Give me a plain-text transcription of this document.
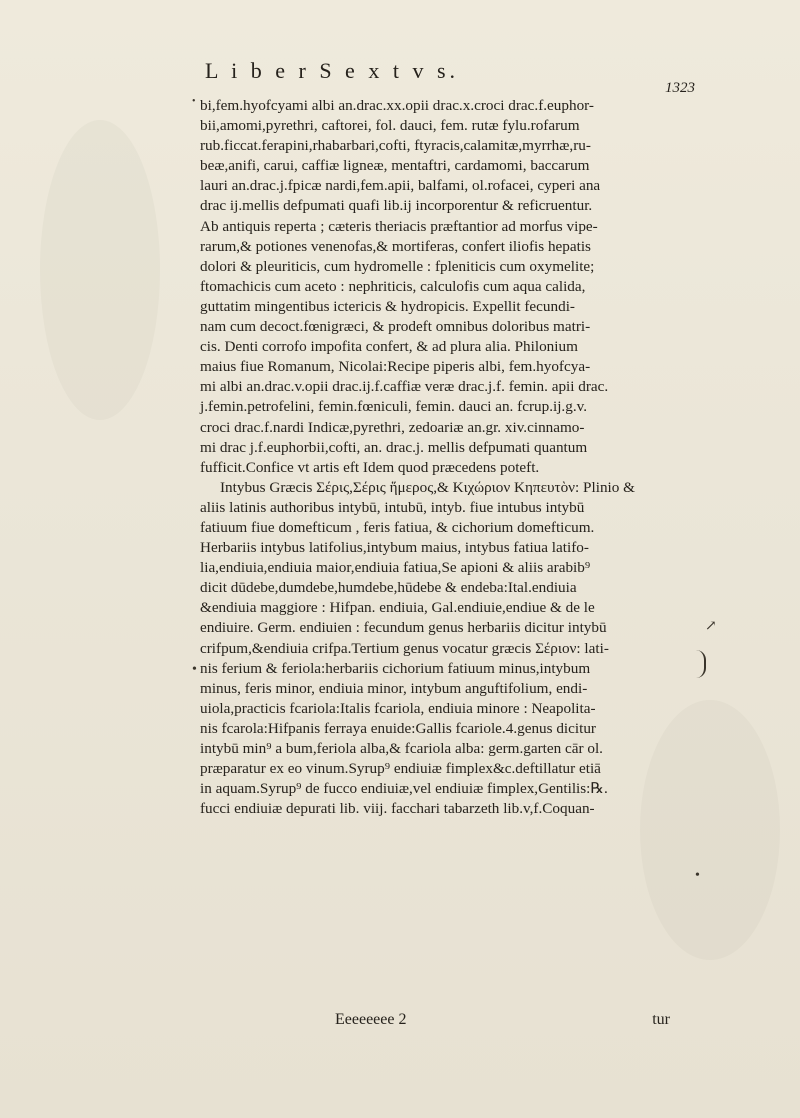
L i b e r S e x t v s.
1323
bi,fem.hyofcyami albi an.drac.xx.opii drac.x.croci drac.f.euphor-
bii,amomi,pyrethri, caftorei, fol. dauci, fem. rutæ fylu.rofarum
rub.ficcat.ferapini,rhabarbari,cofti, ftyracis,calamitæ,myrrhæ,ru-
beæ,anifi, carui, caffiæ ligneæ, mentaftri, cardamomi, baccarum
lauri an.drac.j.fpicæ nardi,fem.apii, balfami, ol.rofacei, cyperi ana
drac ij.mellis defpumati quafi lib.ij incorporentur & reficruentur.
Ab antiquis reperta ; cæteris theriacis præftantior ad morfus vipe-
rarum,& potiones venenofas,& mortiferas, confert iliofis hepatis
dolori & pleuriticis, cum hydromelle : fpleniticis cum oxymelite;
ftomachicis cum aceto : nephriticis, calculofis cum aqua calida,
guttatim mingentibus ictericis & hydropicis. Expellit fecundi-
nam cum decoct.fœnigræci, & prodeft omnibus doloribus matri-
cis. Denti corrofo impofita confert, & ad plura alia. Philonium
maius fiue Romanum, Nicolai:Recipe piperis albi, fem.hyofcya-
mi albi an.drac.v.opii drac.ij.f.caffiæ veræ drac.j.f. femin. apii drac.
j.femin.petrofelini, femin.fœniculi, femin. dauci an. fcrup.ij.g.v.
croci drac.f.nardi Indicæ,pyrethri, zedoariæ an.gr. xiv.cinnamo-
mi drac j.f.euphorbii,cofti, an. drac.j. mellis defpumati quantum
fufficit.Confice vt artis eft Idem quod præcedens poteft.
Intybus Græcis Σέρις,Σέρις ἥμερος,& Κιχώριον Κηπευτὸν: Plinio &
aliis latinis authoribus intybū, intubū, intyb. fiue intubus intybū
fatiuum fiue domefticum , feris fatiua, & cichorium domefticum.
Herbariis intybus latifolius,intybum maius, intybus fatiua latifo-
lia,endiuia,endiuia maior,endiuia fatiua,Se apioni & aliis arabib⁹
dicit dūdebe,dumdebe,humdebe,hūdebe & endeba:Ital.endiuia
&endiuia maggiore : Hifpan. endiuia, Gal.endiuie,endiue & de le
endiuire. Germ. endiuien : fecundum genus herbariis dicitur intybū
crifpum,&endiuia crifpa.Tertium genus vocatur græcis Σέριον: lati-
nis ferium & feriola:herbariis cichorium fatiuum minus,intybum
minus, feris minor, endiuia minor, intybum anguftifolium, endi-
uiola,practicis fcariola:Italis fcariola, endiuia minore : Neapolita-
nis fcarola:Hifpanis ferraya enuide:Gallis fcariole.4.genus dicitur
intybū min⁹ a bum,feriola alba,& fcariola alba: germ.garten cār ol.
præparatur ex eo vinum.Syrup⁹ endiuiæ fimplex&c.deftillatur etiā
in aquam.Syrup⁹ de fucco endiuiæ,vel endiuiæ fimplex,Gentilis:℞.
fucci endiuiæ depurati lib. viij. facchari tabarzeth lib.v,f.Coquan-
Eeeeeeee 2	tur
•
•
•
↗
